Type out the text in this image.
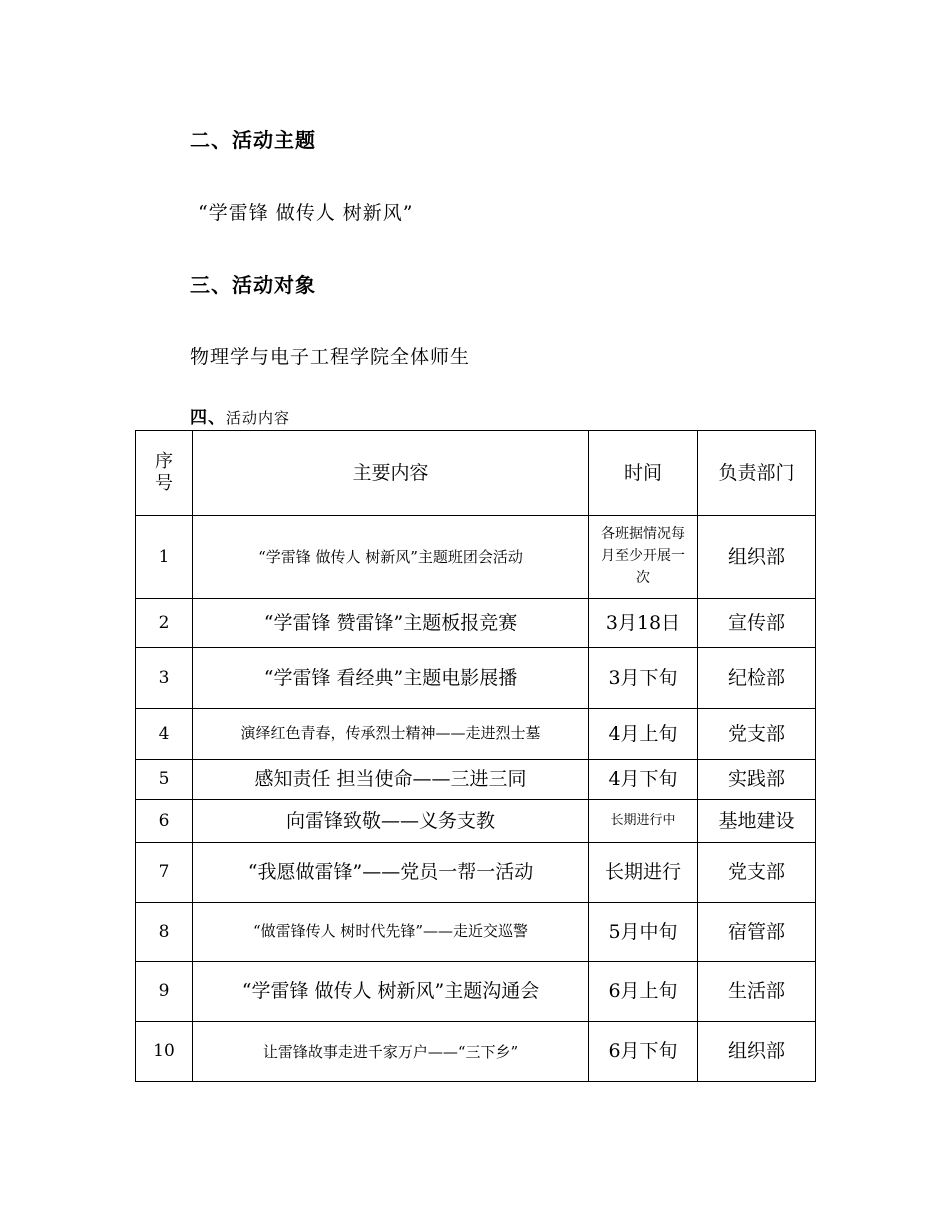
二、活动主题
“学雷锋 做传人 树新风”
三、活动对象
物理学与电子工程学院全体师生
四、活动内容
序号	主要内容	时间	负责部门
1	“学雷锋 做传人 树新风”主题班团会活动	各班据情况每月至少开展一次	组织部
2	“学雷锋 赞雷锋”主题板报竞赛	3月18日	宣传部
3	“学雷锋 看经典”主题电影展播	3月下旬	纪检部
4	演绎红色青春，传承烈士精神——走进烈士墓	4月上旬	党支部
5	感知责任 担当使命——三进三同	4月下旬	实践部
6	向雷锋致敬——义务支教	长期进行中	基地建设
7	“我愿做雷锋”——党员一帮一活动	长期进行	党支部
8	“做雷锋传人 树时代先锋”——走近交巡警	5月中旬	宿管部
9	“学雷锋 做传人 树新风”主题沟通会	6月上旬	生活部
10	让雷锋故事走进千家万户——“三下乡”	6月下旬	组织部
